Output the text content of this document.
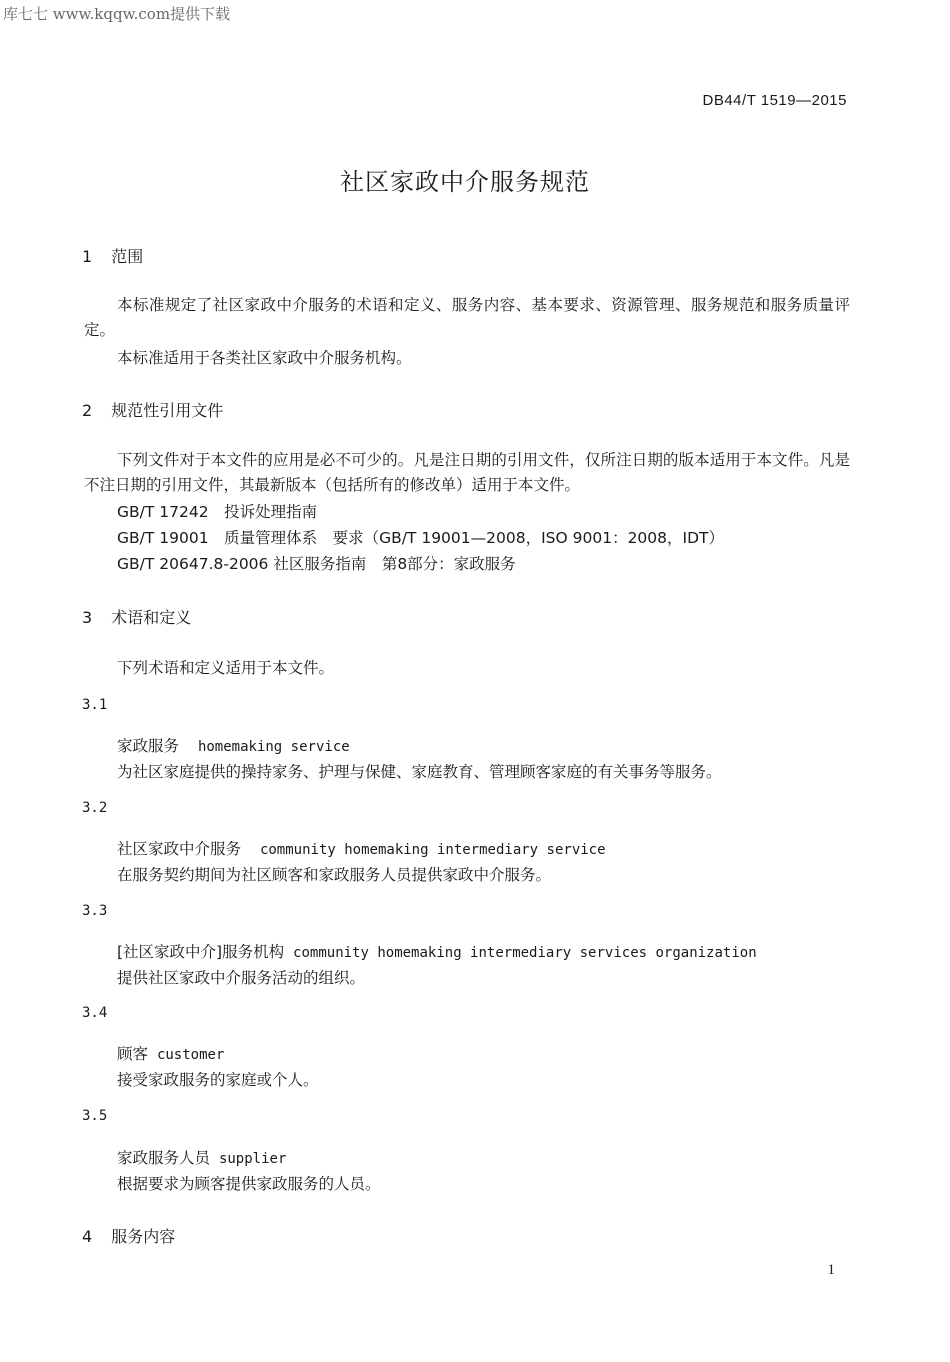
库七七 www.kqqw.com提供下载
DB44/T 1519—2015
社区家政中介服务规范
1 范围
本标准规定了社区家政中介服务的术语和定义、服务内容、基本要求、资源管理、服务规范和服务质量评定。
本标准适用于各类社区家政中介服务机构。
2 规范性引用文件
下列文件对于本文件的应用是必不可少的。凡是注日期的引用文件，仅所注日期的版本适用于本文件。凡是不注日期的引用文件，其最新版本（包括所有的修改单）适用于本文件。
GB/T 17242　投诉处理指南
GB/T 19001　质量管理体系　要求（GB/T 19001—2008，ISO 9001：2008，IDT）
GB/T 20647.8-2006 社区服务指南　第8部分：家政服务
3 术语和定义
下列术语和定义适用于本文件。
3.1
家政服务 homemaking service
为社区家庭提供的操持家务、护理与保健、家庭教育、管理顾客家庭的有关事务等服务。
3.2
社区家政中介服务 community homemaking intermediary service
在服务契约期间为社区顾客和家政服务人员提供家政中介服务。
3.3
[社区家政中介]服务机构 community homemaking intermediary services organization
提供社区家政中介服务活动的组织。
3.4
顾客 customer
接受家政服务的家庭或个人。
3.5
家政服务人员 supplier
根据要求为顾客提供家政服务的人员。
4 服务内容
1
